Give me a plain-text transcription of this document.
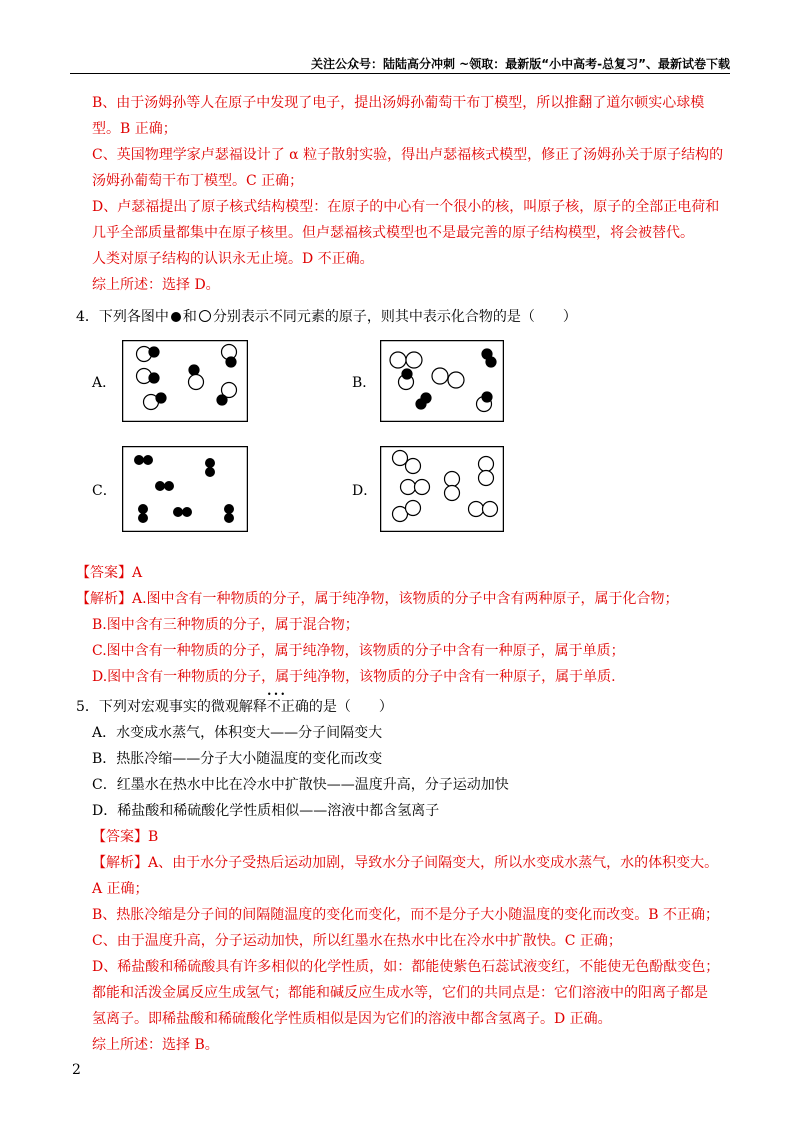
关注公众号：陆陆高分冲刺 ~领取：最新版“小中高考-总复习”、最新试卷下载

B、由于汤姆孙等人在原子中发现了电子，提出汤姆孙葡萄干布丁模型，所以推翻了道尔顿实心球模

型。B 正确；

C、英国物理学家卢瑟福设计了 α 粒子散射实验，得出卢瑟福核式模型，修正了汤姆孙关于原子结构的

汤姆孙葡萄干布丁模型。C 正确；

D、卢瑟福提出了原子核式结构模型：在原子的中心有一个很小的核，叫原子核，原子的全部正电荷和

几乎全部质量都集中在原子核里。但卢瑟福核式模型也不是最完善的原子结构模型，将会被替代。

人类对原子结构的认识永无止境。D 不正确。

综上所述：选择 D。

4．下列各图中 和 分别表示不同元素的原子，则其中表示化合物的是（　　）

A．	B．
C．	D．

【答案】A

【解析】A.图中含有一种物质的分子，属于纯净物，该物质的分子中含有两种原子，属于化合物；

B.图中含有三种物质的分子，属于混合物；

C.图中含有一种物质的分子，属于纯净物，该物质的分子中含有一种原子，属于单质；

D.图中含有一种物质的分子，属于纯净物，该物质的分子中含有一种原子，属于单质.

5．下列对宏观事实的微观解释••• 不正确的是（　　）

A．水变成水蒸气，体积变大——分子间隔变大

B．热胀冷缩——分子大小随温度的变化而改变

C．红墨水在热水中比在冷水中扩散快——温度升高，分子运动加快

D．稀盐酸和稀硫酸化学性质相似——溶液中都含氢离子

【答案】B

【解析】A、由于水分子受热后运动加剧，导致水分子间隔变大，所以水变成水蒸气，水的体积变大。

A 正确；

B、热胀冷缩是分子间的间隔随温度的变化而变化，而不是分子大小随温度的变化而改变。B 不正确；

C、由于温度升高，分子运动加快，所以红墨水在热水中比在冷水中扩散快。C 正确；

D、稀盐酸和稀硫酸具有许多相似的化学性质，如：都能使紫色石蕊试液变红，不能使无色酚酞变色；

都能和活泼金属反应生成氢气；都能和碱反应生成水等，它们的共同点是：它们溶液中的阳离子都是

氢离子。即稀盐酸和稀硫酸化学性质相似是因为它们的溶液中都含氢离子。D 正确。

综上所述：选择 B。

2
